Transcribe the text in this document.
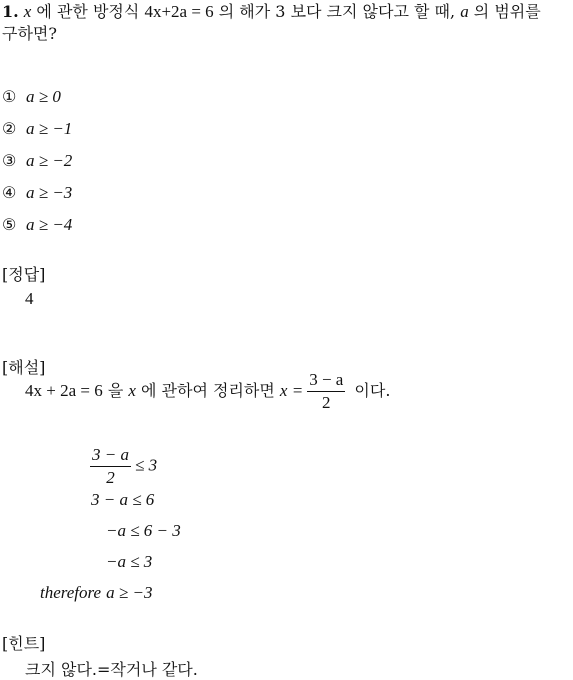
1. x 에 관한 방정식 4x+2a = 6 의 해가 3 보다 크지 않다고 할 때, a 의 범위를
구하면?
① a ≥ 0
② a ≥ −1
③ a ≥ −2
④ a ≥ −3
⑤ a ≥ −4
[정답]
4
[해설]
4x + 2a = 6 을 x 에 관하여 정리하면 $x = \frac{3 - a}{2}$ 이다.
$\frac{3 - a}{2} \le 3$
3 − a ≤ 6
−a ≤ 6 − 3
−a ≤ 3
therefore a ≥ −3
[힌트]
크지 않다.=작거나 같다.
